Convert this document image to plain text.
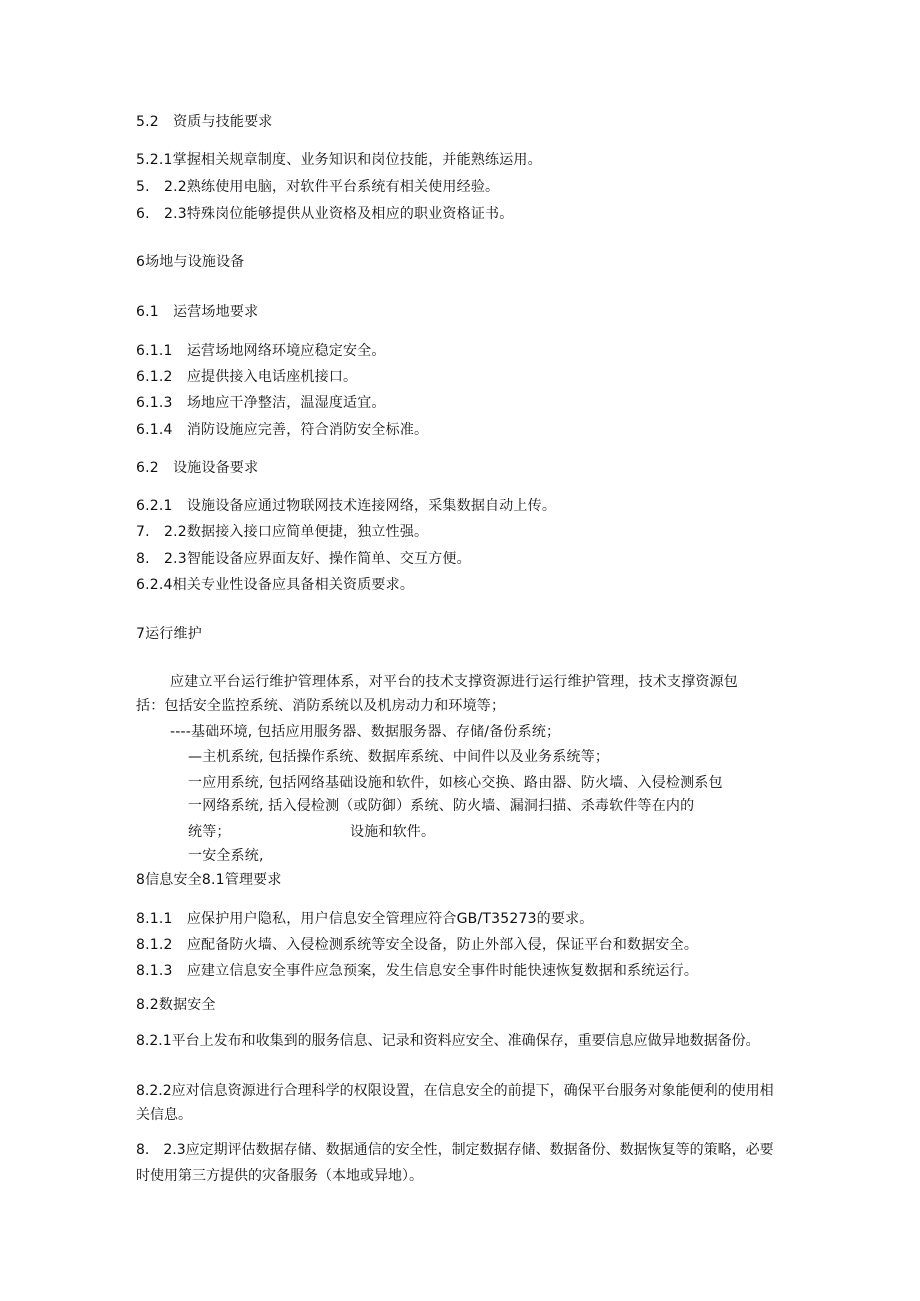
5.2　资质与技能要求
5.2.1掌握相关规章制度、业务知识和岗位技能，并能熟练运用。
5.　2.2熟练使用电脑，对软件平台系统有相关使用经验。
6.　2.3特殊岗位能够提供从业资格及相应的职业资格证书。
6场地与设施设备
6.1　运营场地要求
6.1.1　运营场地网络环境应稳定安全。
6.1.2　应提供接入电话座机接口。
6.1.3　场地应干净整洁，温湿度适宜。
6.1.4　消防设施应完善，符合消防安全标准。
6.2　设施设备要求
6.2.1　设施设备应通过物联网技术连接网络，采集数据自动上传。
7.　2.2数据接入接口应简单便捷，独立性强。
8.　2.3智能设备应界面友好、操作简单、交互方便。
6.2.4相关专业性设备应具备相关资质要求。
7运行维护
应建立平台运行维护管理体系，对平台的技术支撑资源进行运行维护管理，技术支撑资源包
括：包括安全监控系统、消防系统以及机房动力和环境等；
----基础环境, 包括应用服务器、数据服务器、存储/备份系统；
—主机系统, 包括操作系统、数据库系统、中间件以及业务系统等；
一应用系统, 包括网络基础设施和软件，如核心交换、路由器、防火墙、入侵检测系包
一网络系统, 括入侵检测（或防御）系统、防火墙、漏洞扫描、杀毒软件等在内的
统等；	设施和软件。
一安全系统,
8信息安全8.1管理要求
8.1.1　应保护用户隐私，用户信息安全管理应符合GB/T35273的要求。
8.1.2　应配备防火墙、入侵检测系统等安全设备，防止外部入侵，保证平台和数据安全。
8.1.3　应建立信息安全事件应急预案，发生信息安全事件时能快速恢复数据和系统运行。
8.2数据安全
8.2.1平台上发布和收集到的服务信息、记录和资料应安全、准确保存，重要信息应做异地数据备份。
8.2.2应对信息资源进行合理科学的权限设置，在信息安全的前提下，确保平台服务对象能便利的使用相关信息。
8.　2.3应定期评估数据存储、数据通信的安全性，制定数据存储、数据备份、数据恢复等的策略，必要时使用第三方提供的灾备服务（本地或异地）。
